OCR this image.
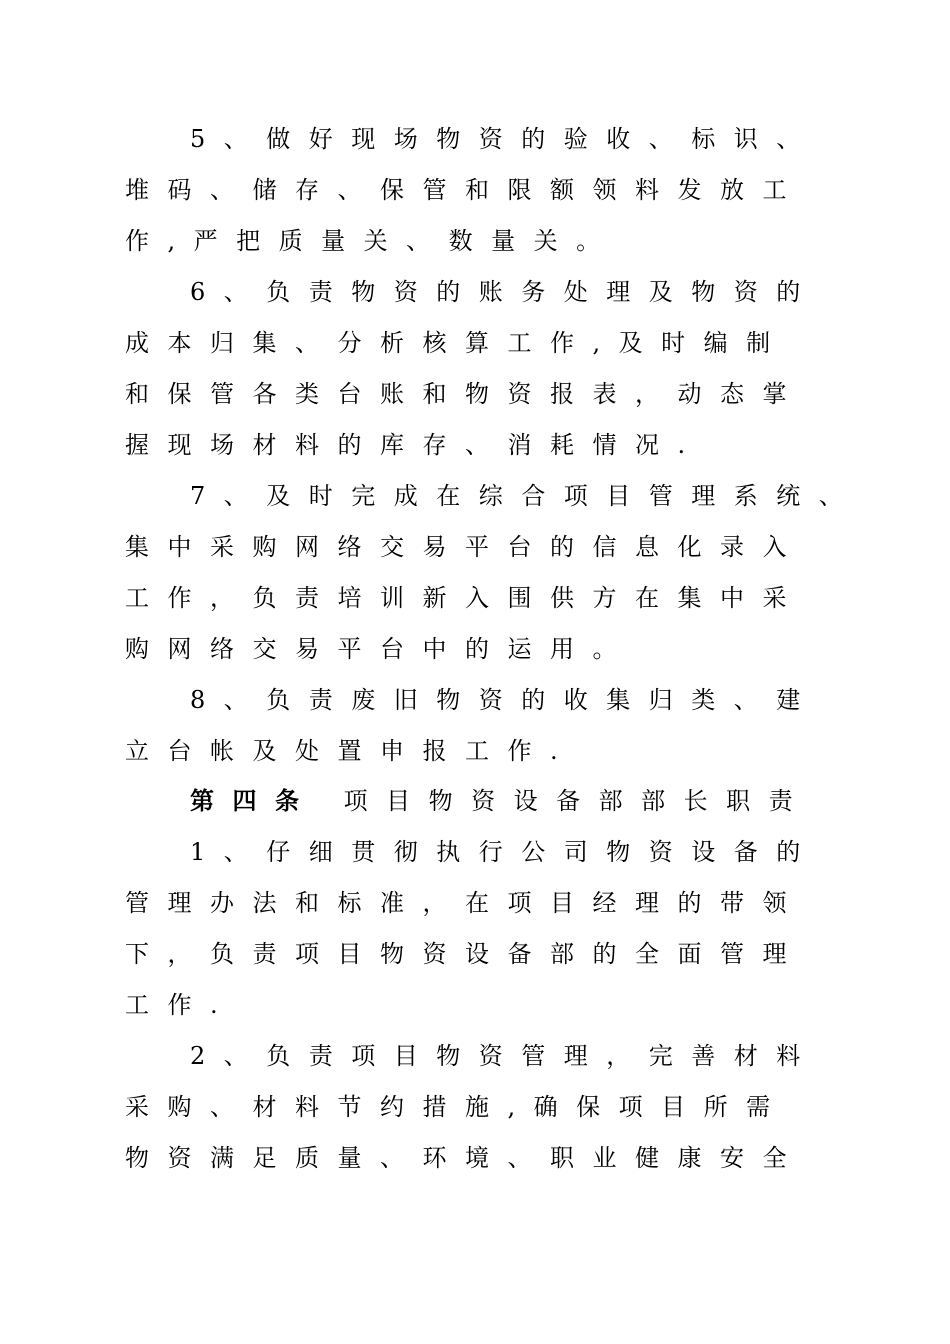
5、做好现场物资的验收、标识、
堆码、储存、保管和限额领料发放工
作,严把质量关、数量关。
6、负责物资的账务处理及物资的
成本归集、分析核算工作,及时编制
和保管各类台账和物资报表，动态掌
握现场材料的库存、消耗情况.
7、及时完成在综合项目管理系统、
集中采购网络交易平台的信息化录入
工作，负责培训新入围供方在集中采
购网络交易平台中的运用。
8、负责废旧物资的收集归类、建
立台帐及处置申报工作.
第四条 项目物资设备部部长职责
1、仔细贯彻执行公司物资设备的
管理办法和标准，在项目经理的带领
下，负责项目物资设备部的全面管理
工作.
2、负责项目物资管理，完善材料
采购、材料节约措施,确保项目所需
物资满足质量、环境、职业健康安全
